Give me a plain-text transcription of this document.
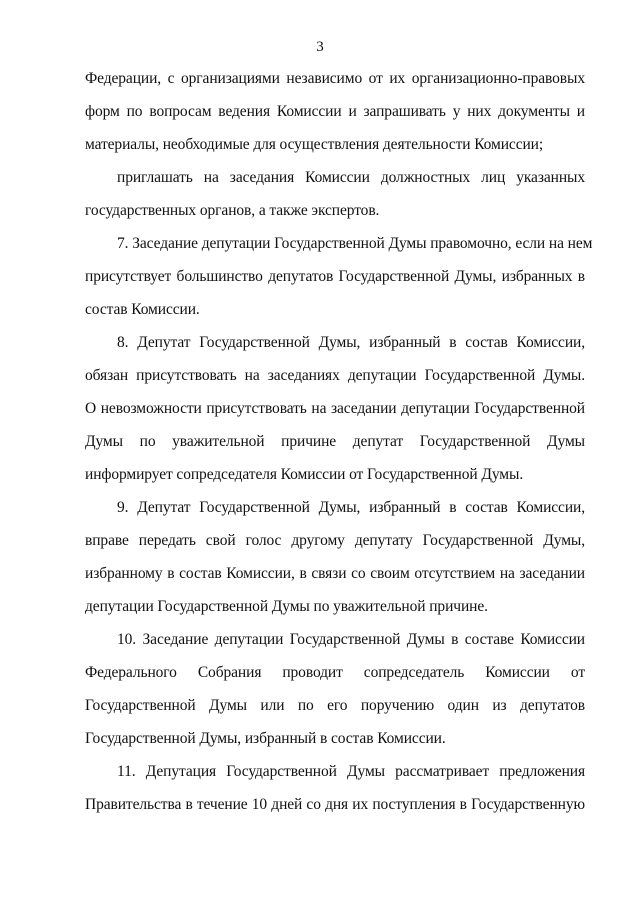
3
Федерации, с организациями независимо от их организационно-правовых
форм по вопросам ведения Комиссии и запрашивать у них документы и
материалы, необходимые для осуществления деятельности Комиссии;
приглашать на заседания Комиссии должностных лиц указанных
государственных органов, а также экспертов.
7. Заседание депутации Государственной Думы правомочно, если на нем
присутствует большинство депутатов Государственной Думы, избранных в
состав Комиссии.
8. Депутат Государственной Думы, избранный в состав Комиссии,
обязан присутствовать на заседаниях депутации Государственной Думы.
О невозможности присутствовать на заседании депутации Государственной
Думы по уважительной причине депутат Государственной Думы
информирует сопредседателя Комиссии от Государственной Думы.
9. Депутат Государственной Думы, избранный в состав Комиссии,
вправе передать свой голос другому депутату Государственной Думы,
избранному в состав Комиссии, в связи со своим отсутствием на заседании
депутации Государственной Думы по уважительной причине.
10. Заседание депутации Государственной Думы в составе Комиссии
Федерального Собрания проводит сопредседатель Комиссии от
Государственной Думы или по его поручению один из депутатов
Государственной Думы, избранный в состав Комиссии.
11. Депутация Государственной Думы рассматривает предложения
Правительства в течение 10 дней со дня их поступления в Государственную
